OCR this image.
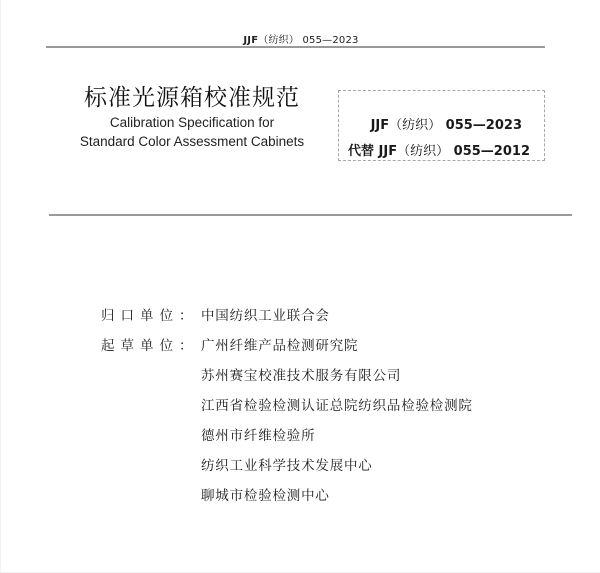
JJF（纺织） 055—2023
标准光源箱校准规范
Calibration Specification for
Standard Color Assessment Cabinets
JJF（纺织） 055—2023
代替 JJF（纺织） 055—2012
归口单位： 中国纺织工业联合会
起草单位： 广州纤维产品检测研究院
苏州赛宝校准技术服务有限公司
江西省检验检测认证总院纺织品检验检测院
德州市纤维检验所
纺织工业科学技术发展中心
聊城市检验检测中心
